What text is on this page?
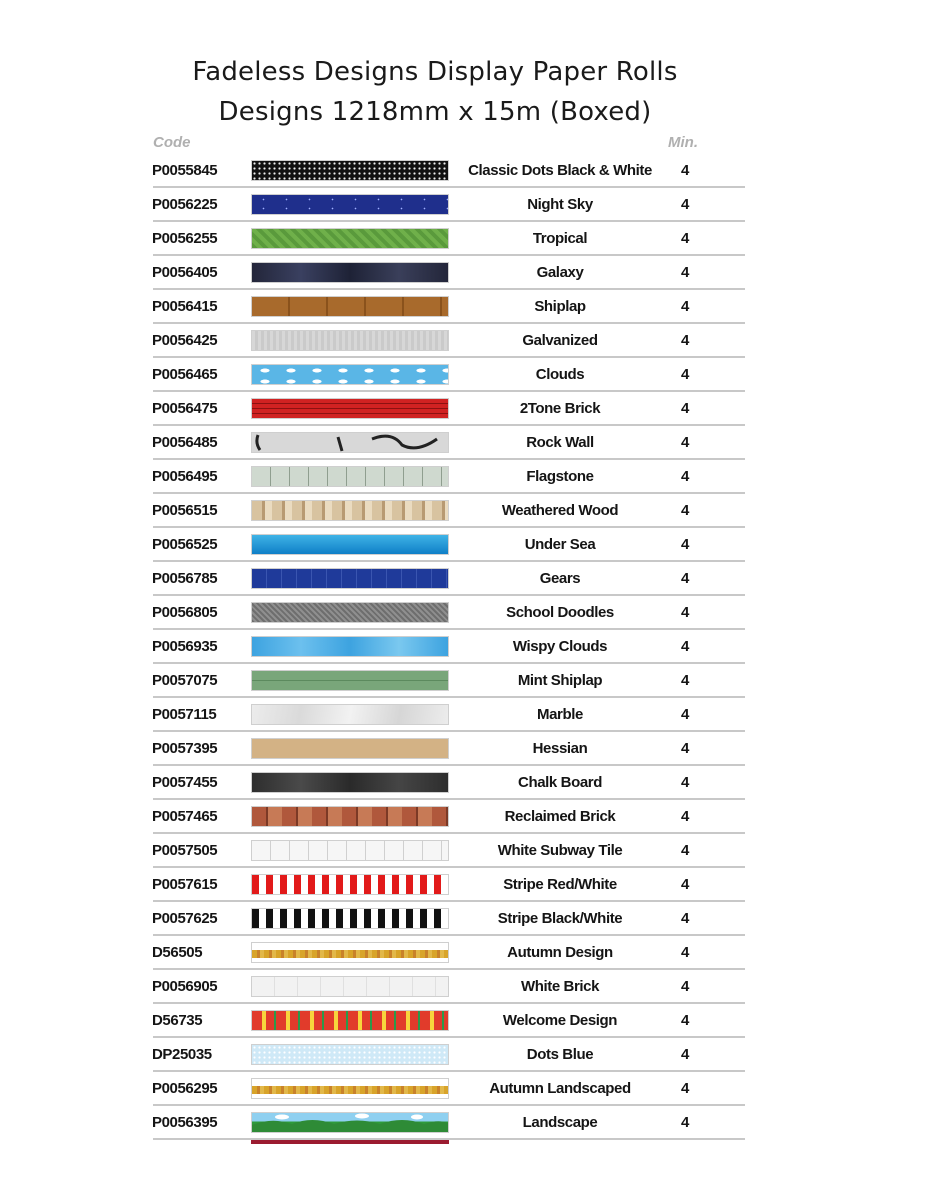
Fadeless Designs Display Paper Rolls
Designs 1218mm x 15m (Boxed)
Code	Min.
P0055845	Classic Dots Black & White	4
P0056225	Night Sky	4
P0056255	Tropical	4
P0056405	Galaxy	4
P0056415	Shiplap	4
P0056425	Galvanized	4
P0056465	Clouds	4
P0056475	2Tone Brick	4
P0056485	Rock Wall	4
P0056495	Flagstone	4
P0056515	Weathered Wood	4
P0056525	Under Sea	4
P0056785	Gears	4
P0056805	School Doodles	4
P0056935	Wispy Clouds	4
P0057075	Mint Shiplap	4
P0057115	Marble	4
P0057395	Hessian	4
P0057455	Chalk Board	4
P0057465	Reclaimed Brick	4
P0057505	White Subway Tile	4
P0057615	Stripe Red/White	4
P0057625	Stripe Black/White	4
D56505	Autumn Design	4
P0056905	White Brick	4
D56735	Welcome Design	4
DP25035	Dots Blue	4
P0056295	Autumn Landscaped	4
P0056395	Landscape	4
